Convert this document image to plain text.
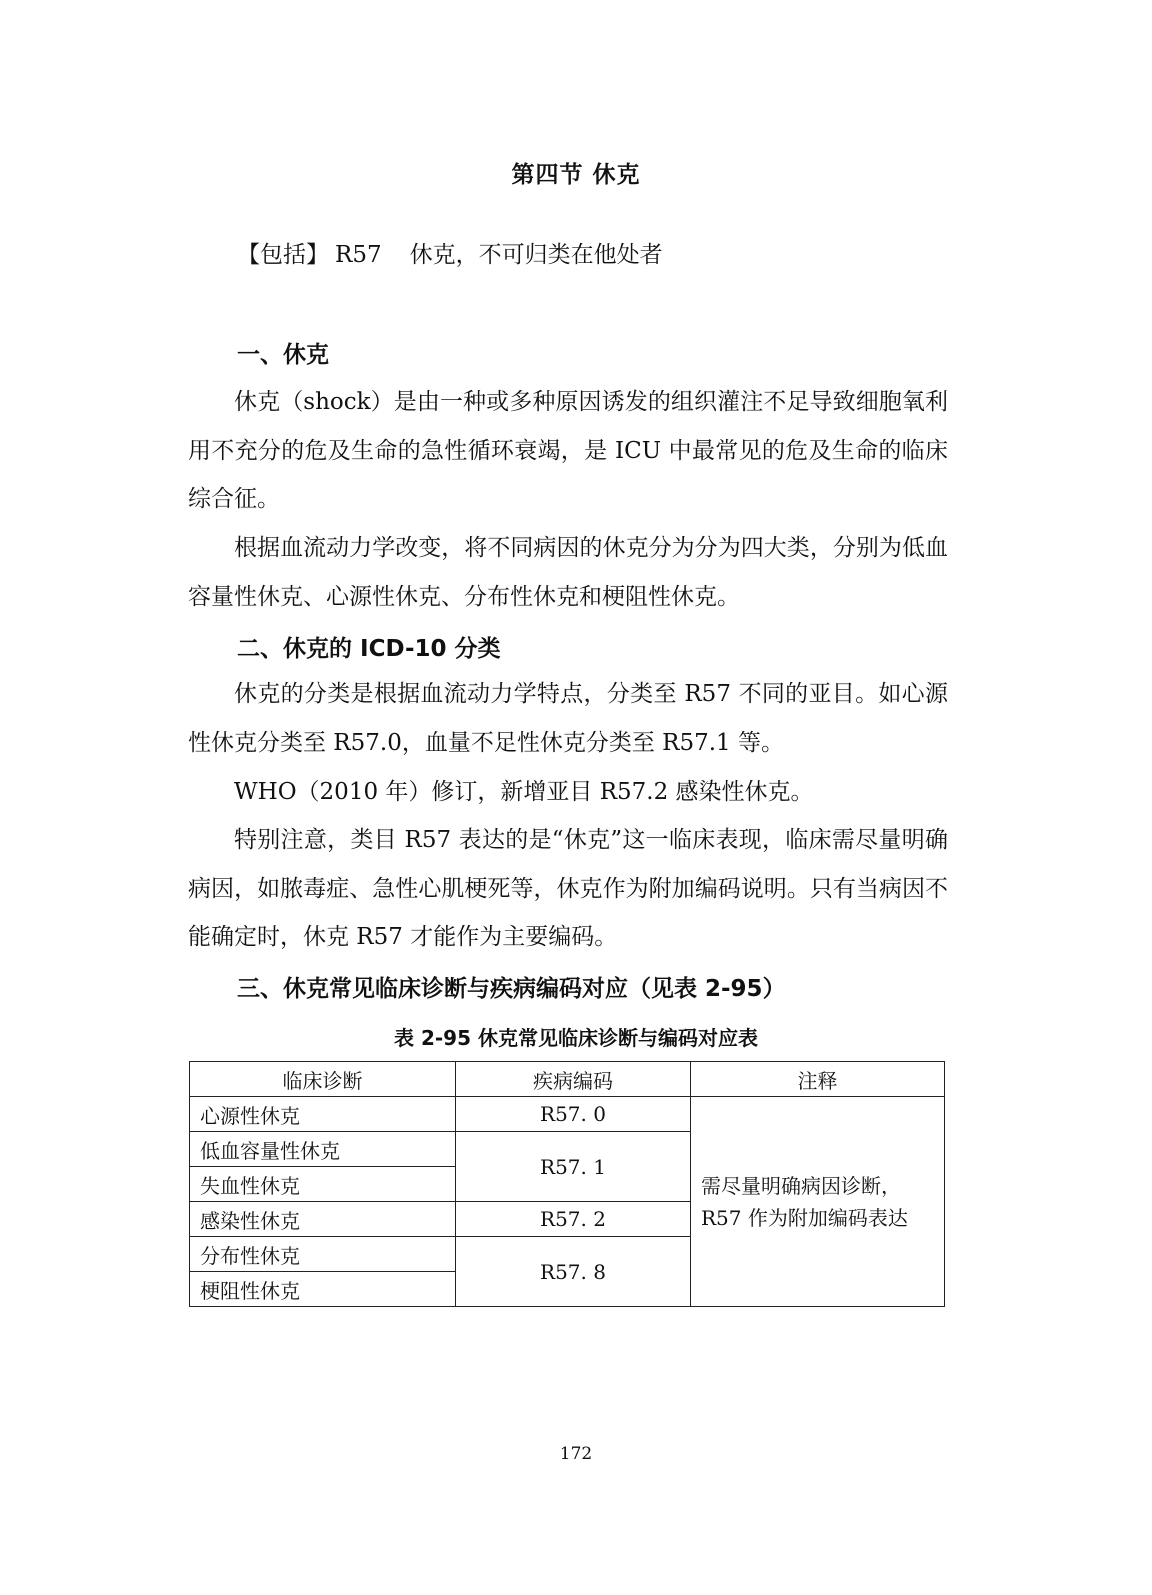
第四节 休克
【包括】 R57 休克，不可归类在他处者
一、休克
休克（shock）是由一种或多种原因诱发的组织灌注不足导致细胞氧利用不充分的危及生命的急性循环衰竭，是 ICU 中最常见的危及生命的临床综合征。
根据血流动力学改变，将不同病因的休克分为分为四大类，分别为低血容量性休克、心源性休克、分布性休克和梗阻性休克。
二、休克的 ICD-10 分类
休克的分类是根据血流动力学特点，分类至 R57 不同的亚目。如心源性休克分类至 R57.0，血量不足性休克分类至 R57.1 等。
WHO（2010 年）修订，新增亚目 R57.2 感染性休克。
特别注意，类目 R57 表达的是“休克”这一临床表现，临床需尽量明确病因，如脓毒症、急性心肌梗死等，休克作为附加编码说明。只有当病因不能确定时，休克 R57 才能作为主要编码。
三、休克常见临床诊断与疾病编码对应（见表 2-95）
表 2-95 休克常见临床诊断与编码对应表
临床诊断	疾病编码	注释
心源性休克	R57. 0	需尽量明确病因诊断，
R57 作为附加编码表达

低血容量性休克	R57. 1	
失血性休克		
感染性休克	R57. 2	
分布性休克	R57. 8	
梗阻性休克		
172
